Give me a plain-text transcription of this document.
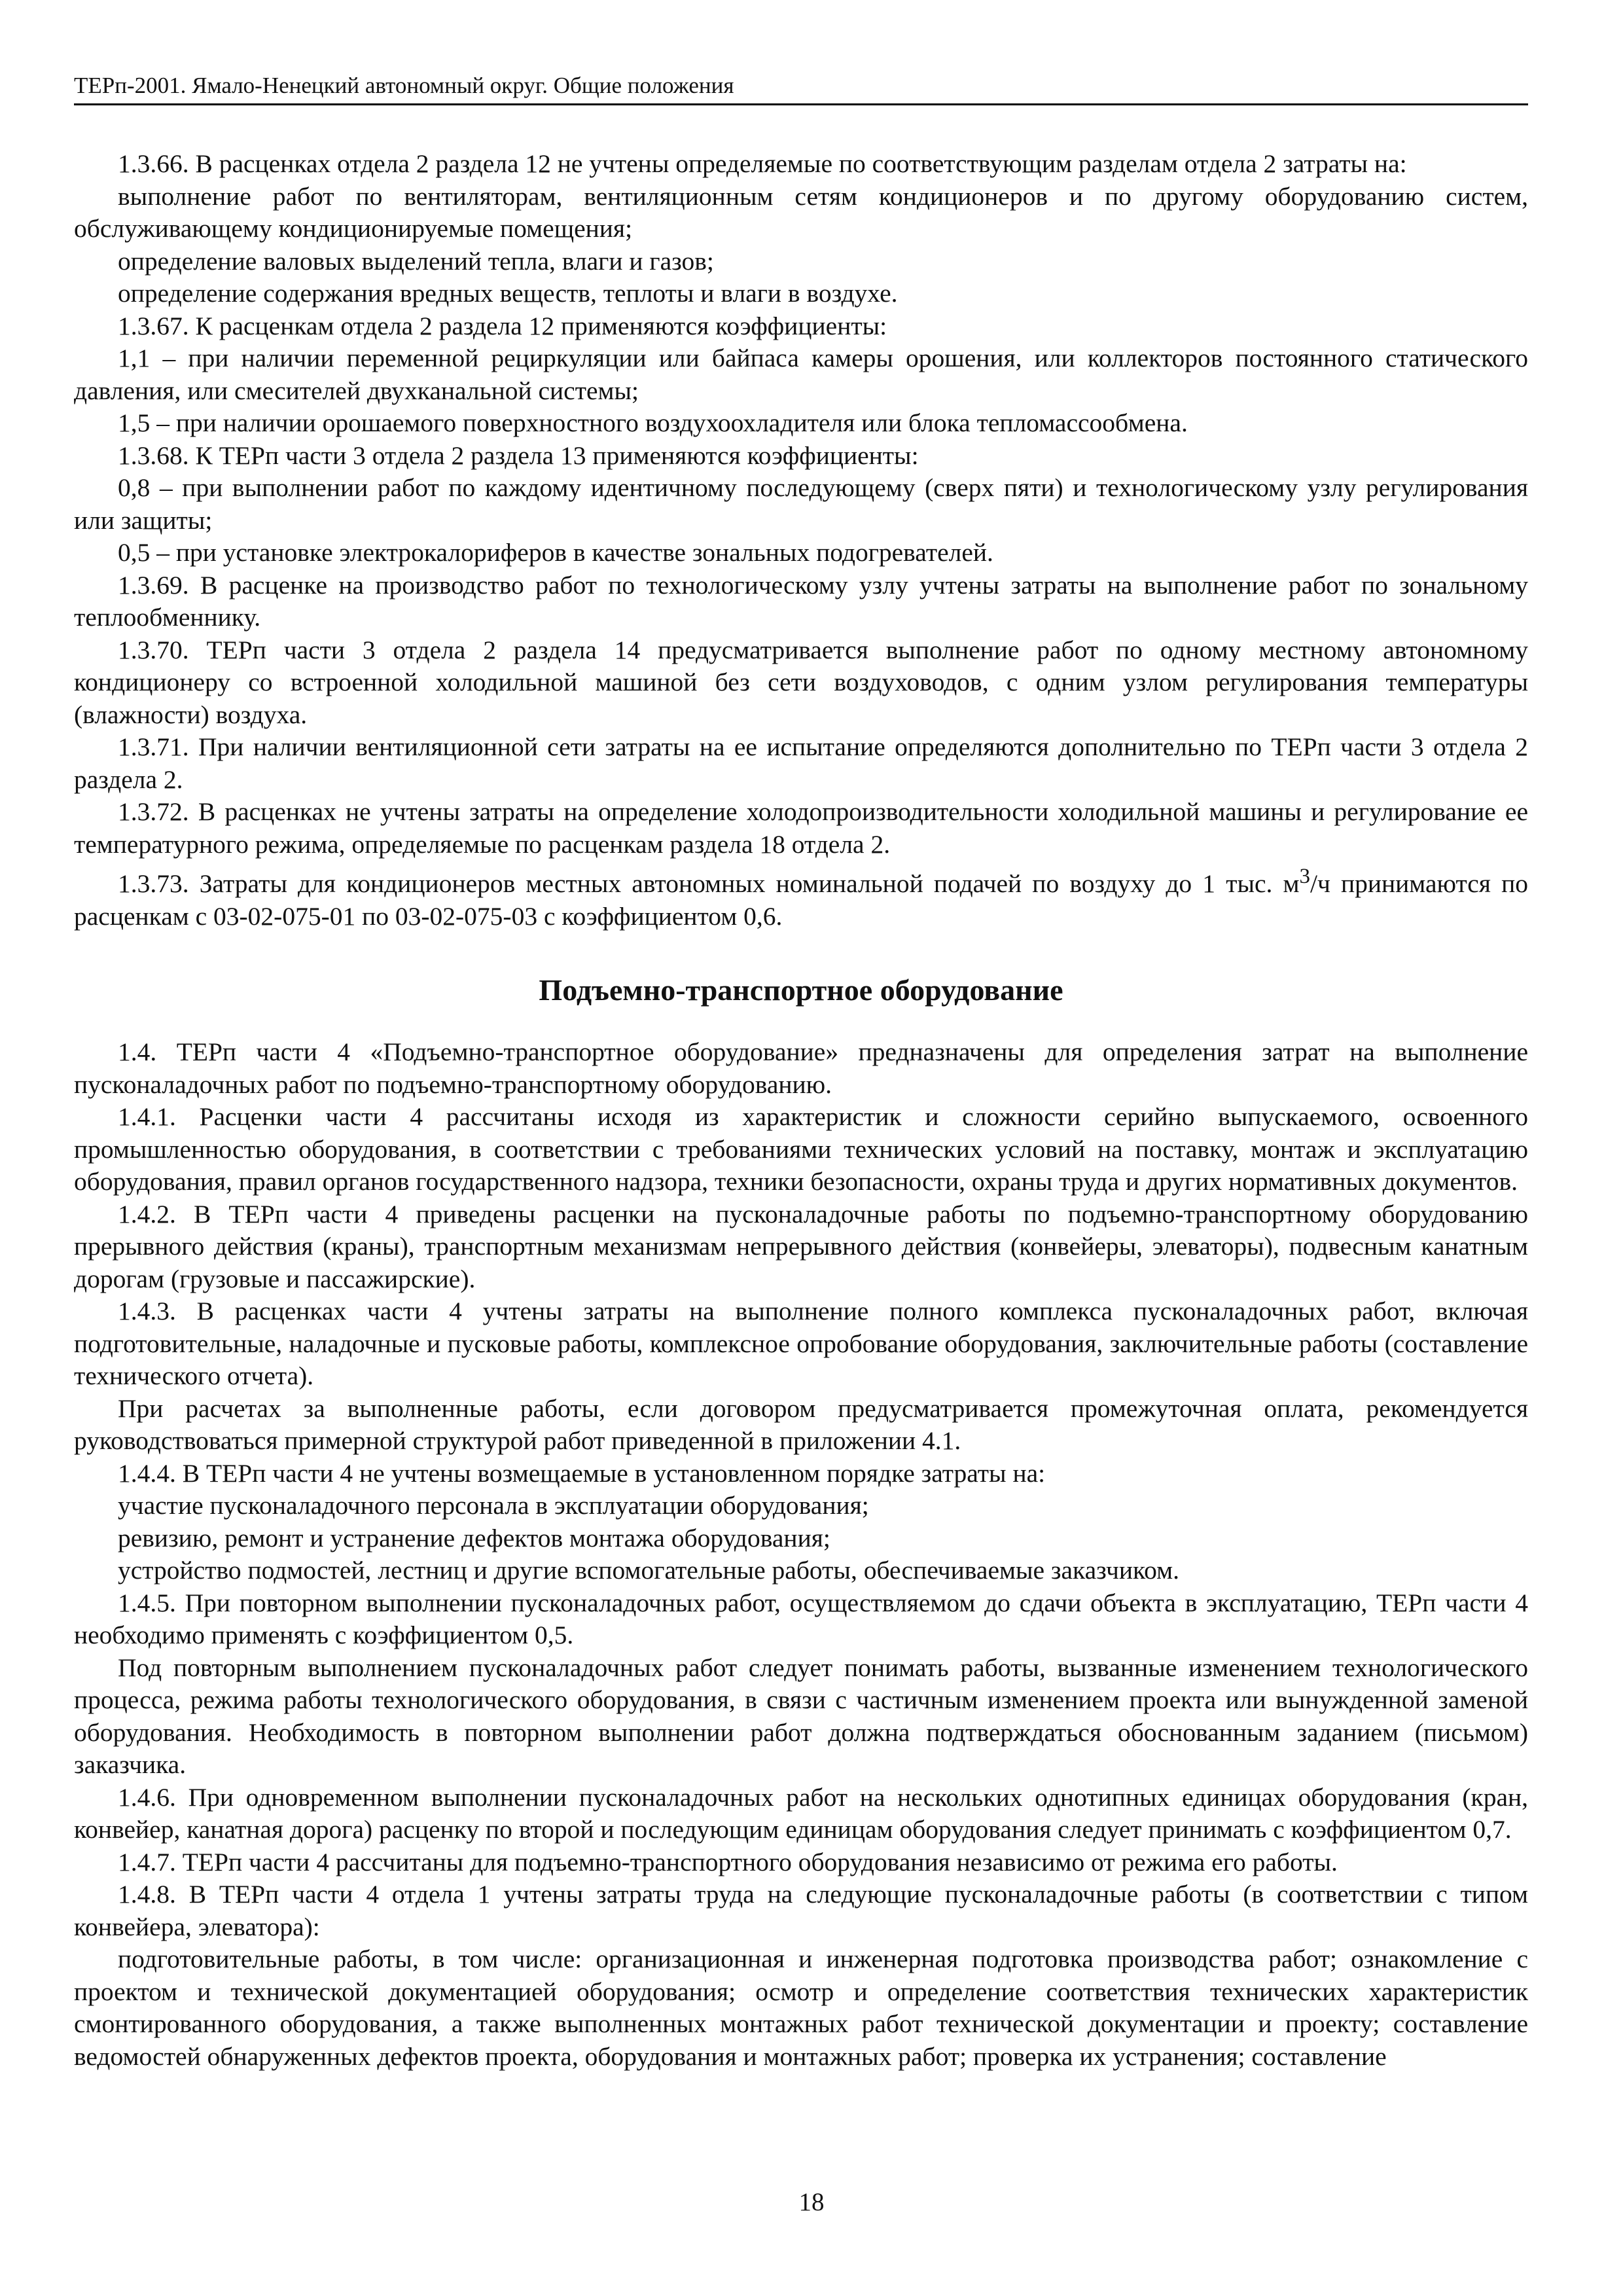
ТЕРп-2001. Ямало-Ненецкий автономный округ. Общие положения

1.3.66. В расценках отдела 2 раздела 12 не учтены определяемые по соответствующим разделам отдела 2 затраты на:

выполнение работ по вентиляторам, вентиляционным сетям кондиционеров и по другому оборудованию систем, обслуживающему кондиционируемые помещения;

определение валовых выделений тепла, влаги и газов;

определение содержания вредных веществ, теплоты и влаги в воздухе.

1.3.67. К расценкам отдела 2 раздела 12 применяются коэффициенты:

1,1 – при наличии переменной рециркуляции или байпаса камеры орошения, или коллекторов постоянного статического давления, или смесителей двухканальной системы;

1,5 – при наличии орошаемого поверхностного воздухоохладителя или блока тепломассообмена.

1.3.68. К ТЕРп части 3 отдела 2 раздела 13 применяются коэффициенты:

0,8 – при выполнении работ по каждому идентичному последующему (сверх пяти) и технологическому узлу регулирования или защиты;

0,5 – при установке электрокалориферов в качестве зональных подогревателей.

1.3.69. В расценке на производство работ по технологическому узлу учтены затраты на выполнение работ по зональному теплообменнику.

1.3.70. ТЕРп части 3 отдела 2 раздела 14 предусматривается выполнение работ по одному местному автономному кондиционеру со встроенной холодильной машиной без сети воздуховодов, с одним узлом регулирования температуры (влажности) воздуха.

1.3.71. При наличии вентиляционной сети затраты на ее испытание определяются дополнительно по ТЕРп части 3 отдела 2 раздела 2.

1.3.72. В расценках не учтены затраты на определение холодопроизводительности холодильной машины и регулирование ее температурного режима, определяемые по расценкам раздела 18 отдела 2.

1.3.73. Затраты для кондиционеров местных автономных номинальной подачей по воздуху до 1 тыс. $м^3/ч$ принимаются по расценкам с 03-02-075-01 по 03-02-075-03 с коэффициентом 0,6.

Подъемно-транспортное оборудование

1.4. ТЕРп части 4 «Подъемно-транспортное оборудование» предназначены для определения затрат на выполнение пусконаладочных работ по подъемно-транспортному оборудованию.

1.4.1. Расценки части 4 рассчитаны исходя из характеристик и сложности серийно выпускаемого, освоенного промышленностью оборудования, в соответствии с требованиями технических условий на поставку, монтаж и эксплуатацию оборудования, правил органов государственного надзора, техники безопасности, охраны труда и других нормативных документов.

1.4.2. В ТЕРп части 4 приведены расценки на пусконаладочные работы по подъемно-транспортному оборудованию прерывного действия (краны), транспортным механизмам непрерывного действия (конвейеры, элеваторы), подвесным канатным дорогам (грузовые и пассажирские).

1.4.3. В расценках части 4 учтены затраты на выполнение полного комплекса пусконаладочных работ, включая подготовительные, наладочные и пусковые работы, комплексное опробование оборудования, заключительные работы (составление технического отчета).

При расчетах за выполненные работы, если договором предусматривается промежуточная оплата, рекомендуется руководствоваться примерной структурой работ приведенной в приложении 4.1.

1.4.4. В ТЕРп части 4 не учтены возмещаемые в установленном порядке затраты на:

участие пусконаладочного персонала в эксплуатации оборудования;

ревизию, ремонт и устранение дефектов монтажа оборудования;

устройство подмостей, лестниц и другие вспомогательные работы, обеспечиваемые заказчиком.

1.4.5. При повторном выполнении пусконаладочных работ, осуществляемом до сдачи объекта в эксплуатацию, ТЕРп части 4 необходимо применять с коэффициентом 0,5.

Под повторным выполнением пусконаладочных работ следует понимать работы, вызванные изменением технологического процесса, режима работы технологического оборудования, в связи с частичным изменением проекта или вынужденной заменой оборудования. Необходимость в повторном выполнении работ должна подтверждаться обоснованным заданием (письмом) заказчика.

1.4.6. При одновременном выполнении пусконаладочных работ на нескольких однотипных единицах оборудования (кран, конвейер, канатная дорога) расценку по второй и последующим единицам оборудования следует принимать с коэффициентом 0,7.

1.4.7. ТЕРп части 4 рассчитаны для подъемно-транспортного оборудования независимо от режима его работы.

1.4.8. В ТЕРп части 4 отдела 1 учтены затраты труда на следующие пусконаладочные работы (в соответствии с типом конвейера, элеватора):

подготовительные работы, в том числе: организационная и инженерная подготовка производства работ; ознакомление с проектом и технической документацией оборудования; осмотр и определение соответствия технических характеристик смонтированного оборудования, а также выполненных монтажных работ технической документации и проекту; составление ведомостей обнаруженных дефектов проекта, оборудования и монтажных работ; проверка их устранения; составление

18
